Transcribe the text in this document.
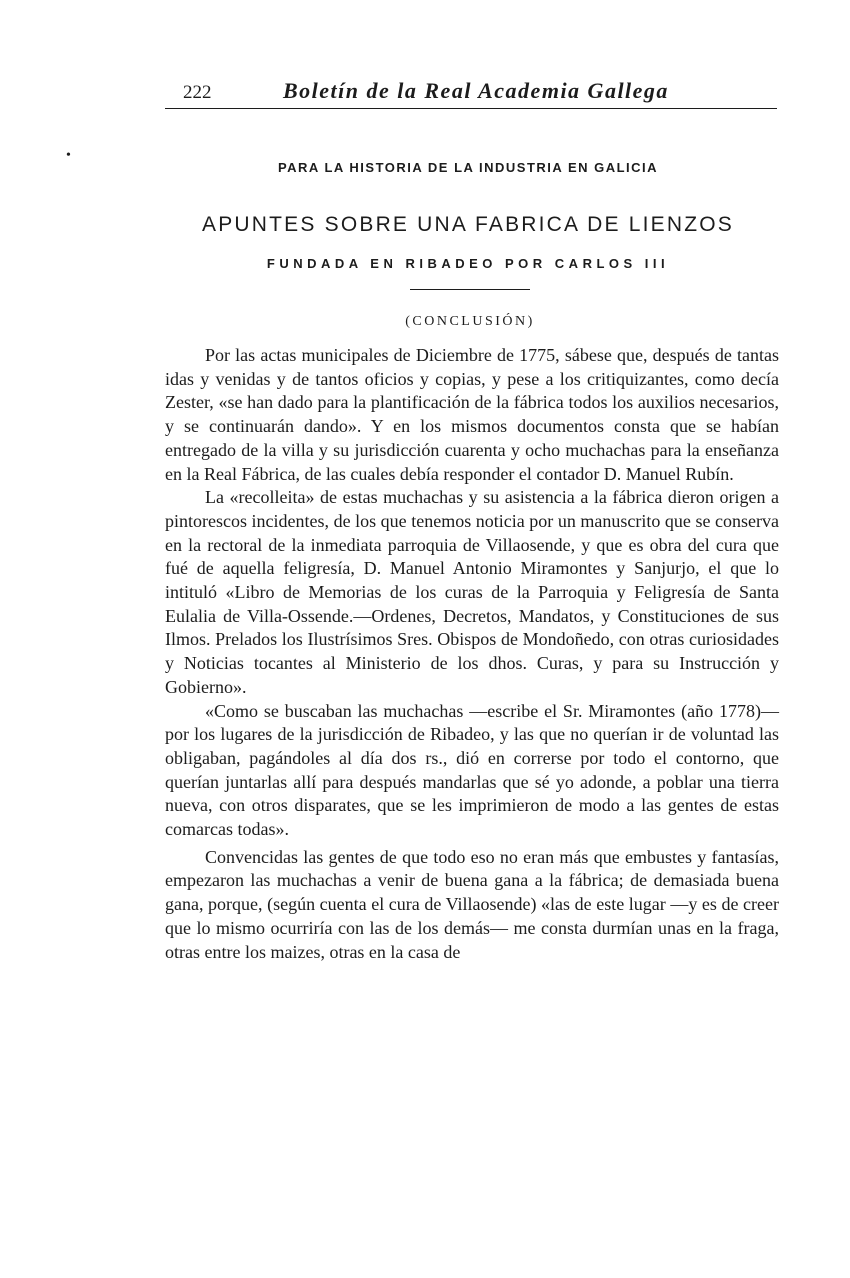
222	Boletín de la Real Academia Gallega
•
PARA LA HISTORIA DE LA INDUSTRIA EN GALICIA
APUNTES SOBRE UNA FABRICA DE LIENZOS
FUNDADA EN RIBADEO POR CARLOS III
(CONCLUSIÓN)

Por las actas municipales de Diciembre de 1775, sábese que, después de tantas idas y venidas y de tantos oficios y copias, y pese a los critiquizantes, como decía Zester, «se han dado para la plantificación de la fábrica todos los auxilios necesarios, y se continuarán dando». Y en los mismos documentos consta que se habían entregado de la villa y su jurisdicción cuarenta y ocho muchachas para la enseñanza en la Real Fábrica, de las cuales debía responder el contador D. Manuel Rubín.

La «recolleita» de estas muchachas y su asistencia a la fábrica dieron origen a pintorescos incidentes, de los que tenemos noticia por un manuscrito que se conserva en la rectoral de la inmediata parroquia de Villaosende, y que es obra del cura que fué de aquella feligresía, D. Manuel Antonio Miramontes y Sanjurjo, el que lo intituló «Libro de Memorias de los curas de la Parroquia y Feligresía de Santa Eulalia de Villa-Ossende.—Ordenes, Decretos, Mandatos, y Constituciones de sus Ilmos. Prelados los Ilustrísimos Sres. Obispos de Mondoñedo, con otras curiosidades y Noticias tocantes al Ministerio de los dhos. Curas, y para su Instrucción y Gobierno».

«Como se buscaban las muchachas —escribe el Sr. Miramontes (año 1778)— por los lugares de la jurisdicción de Ribadeo, y las que no querían ir de voluntad las obligaban, pagándoles al día dos rs., dió en correrse por todo el contorno, que querían juntarlas allí para después mandarlas que sé yo adonde, a poblar una tierra nueva, con otros disparates, que se les imprimieron de modo a las gentes de estas comarcas todas».

Convencidas las gentes de que todo eso no eran más que embustes y fantasías, empezaron las muchachas a venir de buena gana a la fábrica; de demasiada buena gana, porque, (según cuenta el cura de Villaosende) «las de este lugar —y es de creer que lo mismo ocurriría con las de los demás— me consta durmían unas en la fraga, otras entre los maizes, otras en la casa de
